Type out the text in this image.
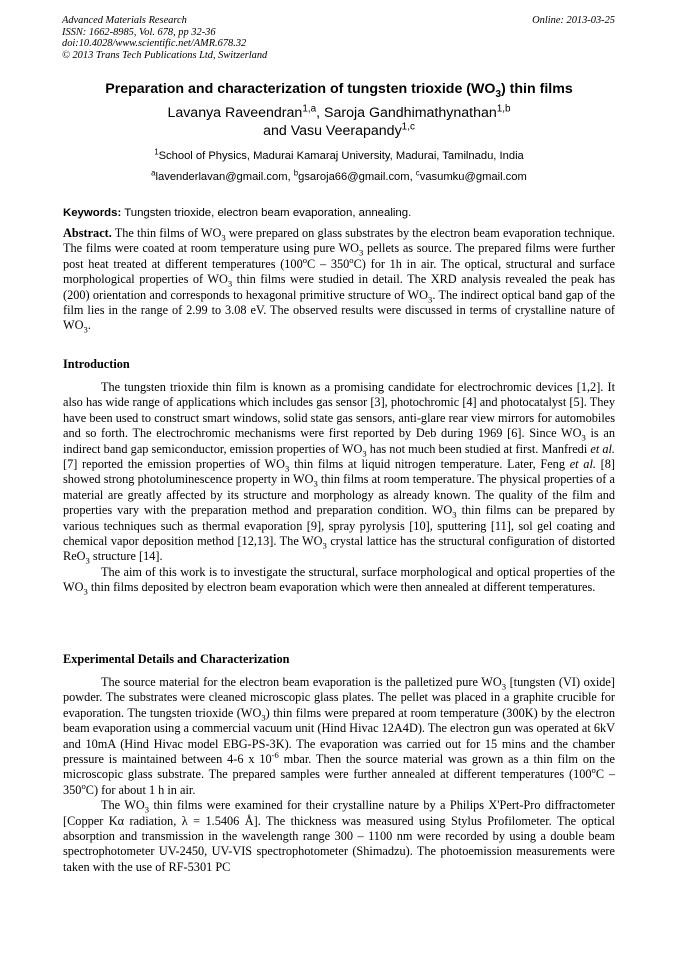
Advanced Materials Research
ISSN: 1662-8985, Vol. 678, pp 32-36
doi:10.4028/www.scientific.net/AMR.678.32
© 2013 Trans Tech Publications Ltd, Switzerland
Online: 2013-03-25
Preparation and characterization of tungsten trioxide $(WO_3)$ thin films
Lavanya Raveendran$^{1,a}$, Saroja Gandhimathynathan$^{1,b}$
and Vasu Veerapandy$^{1,c}$
$^1$School of Physics, Madurai Kamaraj University, Madurai, Tamilnadu, India
$^a$lavenderlavan@gmail.com, $^b$gsaroja66@gmail.com, $^c$vasumku@gmail.com
Keywords: Tungsten trioxide, electron beam evaporation, annealing.

Abstract. The thin films of $WO_3$ were prepared on glass substrates by the electron beam evaporation technique. The films were coated at room temperature using pure $WO_3$ pellets as source. The prepared films were further post heat treated at different temperatures (100$^o$C – 350$^o$C) for 1h in air. The optical, structural and surface morphological properties of $WO_3$ thin films were studied in detail. The XRD analysis revealed the peak has (200) orientation and corresponds to hexagonal primitive structure of $WO_3$. The indirect optical band gap of the film lies in the range of 2.99 to 3.08 eV. The observed results were discussed in terms of crystalline nature of $WO_3$.

Introduction

The tungsten trioxide thin film is known as a promising candidate for electrochromic devices [1,2]. It also has wide range of applications which includes gas sensor [3], photochromic [4] and photocatalyst [5]. They have been used to construct smart windows, solid state gas sensors, anti-glare rear view mirrors for automobiles and so forth. The electrochromic mechanisms were first reported by Deb during 1969 [6]. Since $WO_3$ is an indirect band gap semiconductor, emission properties of $WO_3$ has not much been studied at first. Manfredi et al. [7] reported the emission properties of $WO_3$ thin films at liquid nitrogen temperature. Later, Feng et al. [8] showed strong photoluminescence property in $WO_3$ thin films at room temperature. The physical properties of a material are greatly affected by its structure and morphology as already known. The quality of the film and properties vary with the preparation method and preparation condition. $WO_3$ thin films can be prepared by various techniques such as thermal evaporation [9], spray pyrolysis [10], sputtering [11], sol gel coating and chemical vapor deposition method [12,13]. The $WO_3$ crystal lattice has the structural configuration of distorted ReO$_3$ structure [14].

The aim of this work is to investigate the structural, surface morphological and optical properties of the $WO_3$ thin films deposited by electron beam evaporation which were then annealed at different temperatures.

Experimental Details and Characterization

The source material for the electron beam evaporation is the palletized pure $WO_3$ [tungsten (VI) oxide] powder. The substrates were cleaned microscopic glass plates. The pellet was placed in a graphite crucible for evaporation. The tungsten trioxide $(WO_3)$ thin films were prepared at room temperature (300K) by the electron beam evaporation using a commercial vacuum unit (Hind Hivac 12A4D). The electron gun was operated at 6kV and 10mA (Hind Hivac model EBG-PS-3K). The evaporation was carried out for 15 mins and the chamber pressure is maintained between 4-6 x $10^{-6}$ mbar. Then the source material was grown as a thin film on the microscopic glass substrate. The prepared samples were further annealed at different temperatures (100$^o$C – 350$^o$C) for about 1 h in air.

The $WO_3$ thin films were examined for their crystalline nature by a Philips X'Pert-Pro diffractometer [Copper Kα radiation, λ = 1.5406 Å]. The thickness was measured using Stylus Profilometer. The optical absorption and transmission in the wavelength range 300 – 1100 nm were recorded by using a double beam spectrophotometer UV-2450, UV-VIS spectrophotometer (Shimadzu). The photoemission measurements were taken with the use of RF-5301 PC
